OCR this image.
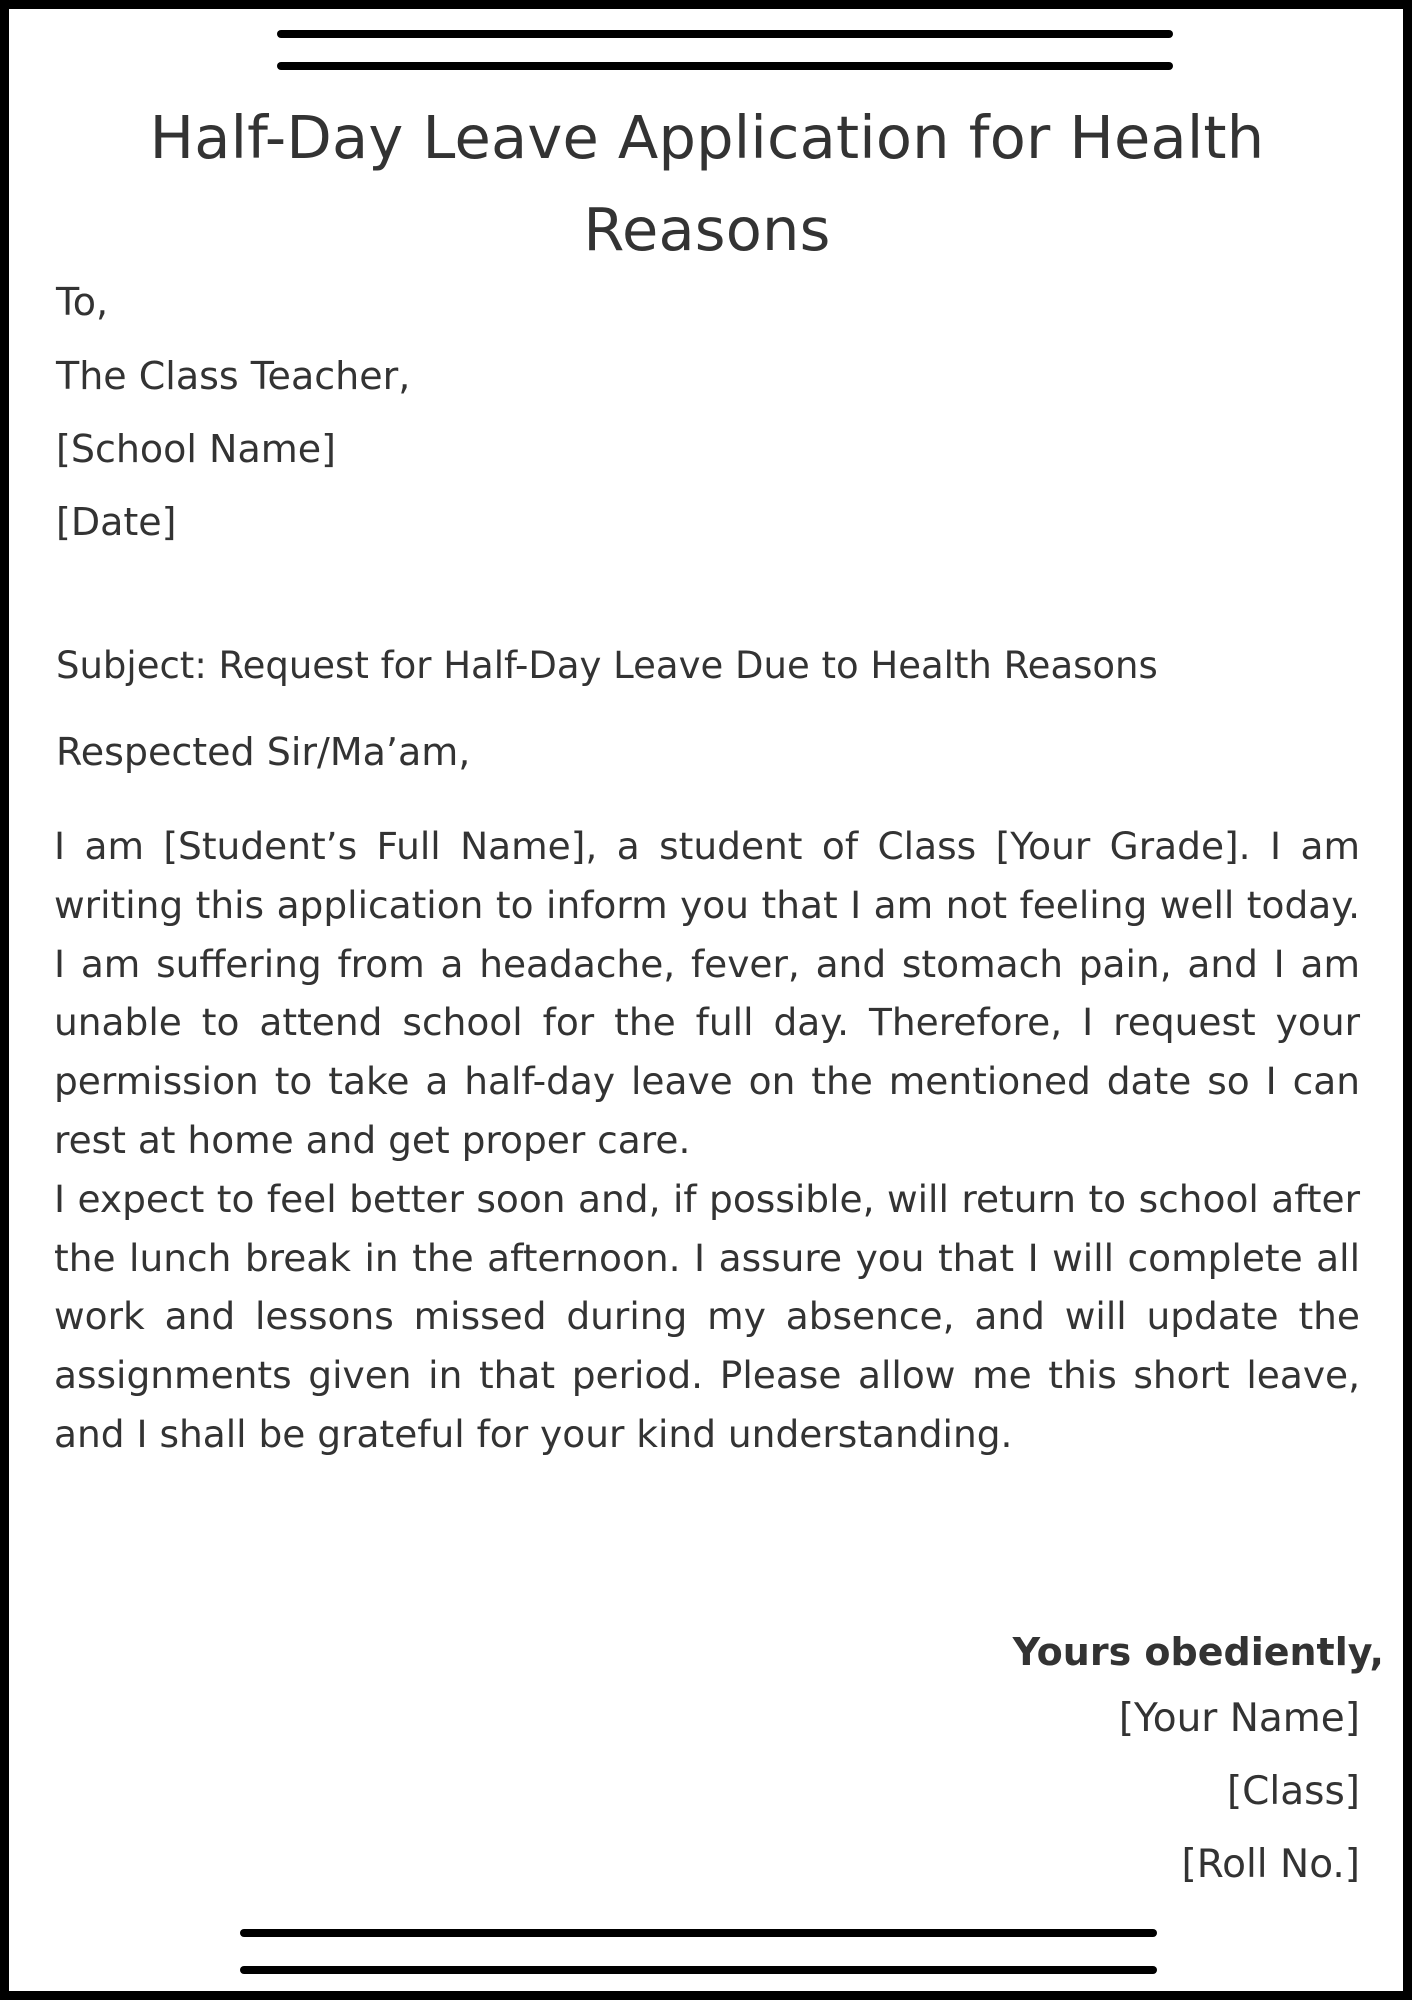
Half-Day Leave Application for Health Reasons
To,
The Class Teacher,
[School Name]
[Date]
Subject: Request for Half-Day Leave Due to Health Reasons
Respected Sir/Ma’am,

I am [Student’s Full Name], a student of Class [Your Grade]. I am writing this application to inform you that I am not feeling well today. I am suffering from a headache, fever, and stomach pain, and I am unable to attend school for the full day. Therefore, I request your permission to take a half-day leave on the mentioned date so I can rest at home and get proper care.

I expect to feel better soon and, if possible, will return to school after the lunch break in the afternoon. I assure you that I will complete all work and lessons missed during my absence, and will update the assignments given in that period. Please allow me this short leave, and I shall be grateful for your kind understanding.

Yours obediently,
[Your Name]
[Class]
[Roll No.]
